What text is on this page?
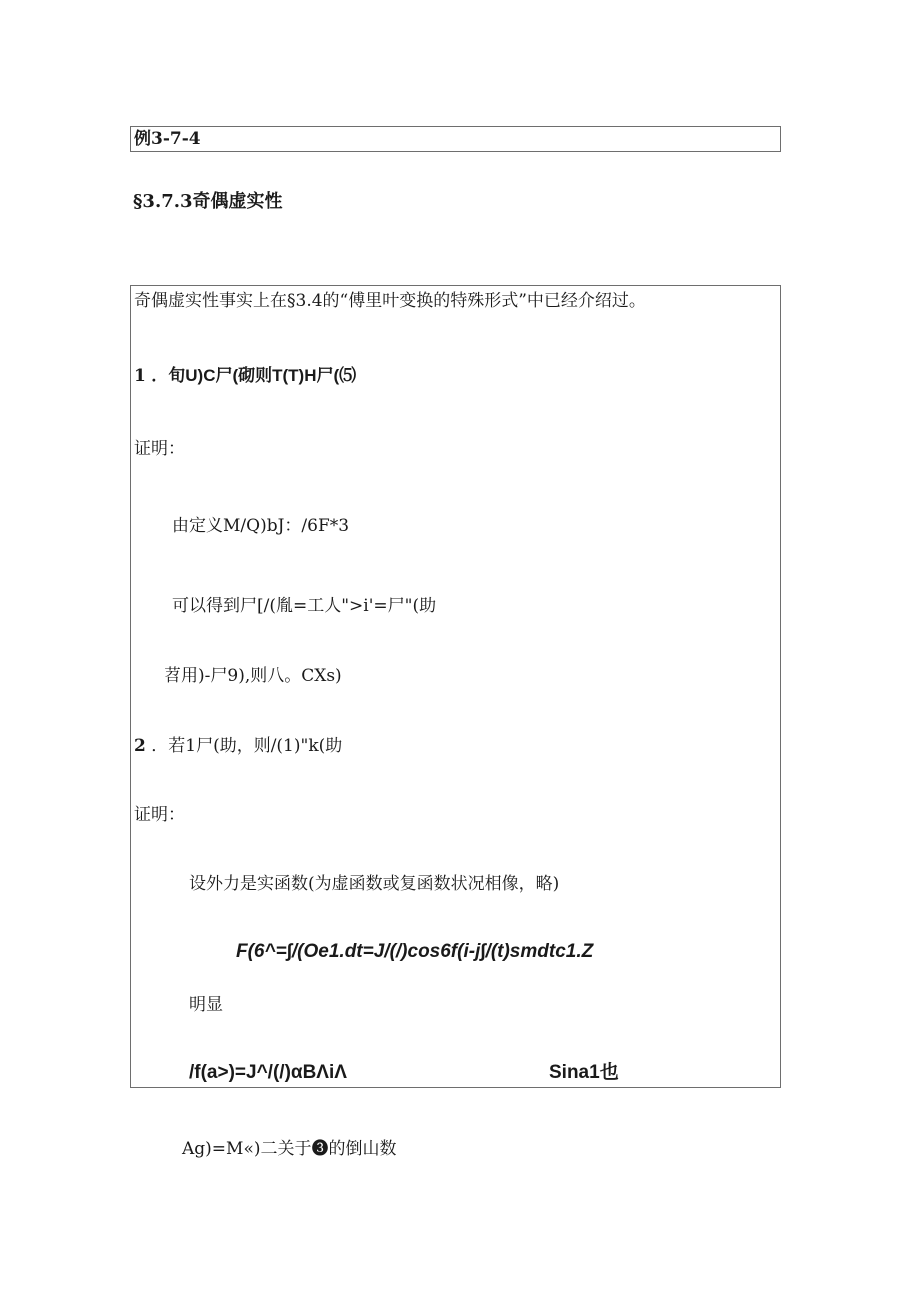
例3-7-4
§3.7.3奇偶虚实性
奇偶虚实性事实上在§3.4的“傅里叶变换的特殊形式”中已经介绍过。
1 ．旬U)C尸(砌则T(T)H尸(⑸
证明：
由定义M/Q)bJ：/6F*3
可以得到尸[/(胤=工人">i'=尸"(助
苕用)-尸9),则八。CXs)
2 ．若1尸(助，则/(1)"k(助
证明：
设外力是实函数(为虚函数或复函数状况相像，略)
F(6^=∫/(Oe1.dt=J/(/)cos6f(i-j∫/(t)smdtc1.Z
明显
/f(a>)=J^/(/)αBΛiΛ	Sina1也
Ag)=M«)二关于❸的倒山数
